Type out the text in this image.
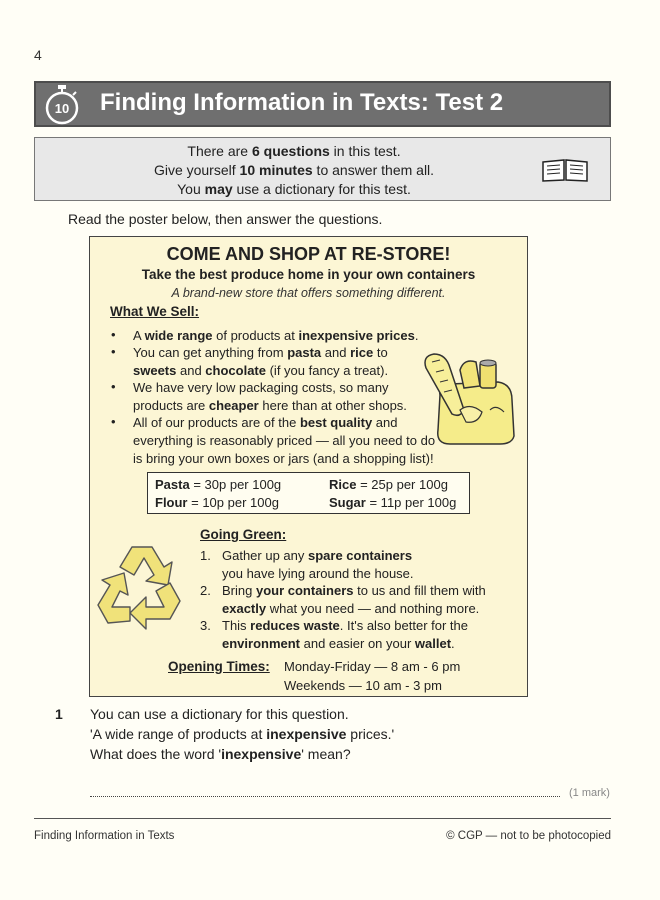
4
10 Finding Information in Texts: Test 2
There are 6 questions in this test.
Give yourself 10 minutes to answer them all.
You may use a dictionary for this test.
Read the poster below, then answer the questions.
COME AND SHOP AT RE-STORE!
Take the best produce home in your own containers
A brand-new store that offers something different.
What We Sell:
• A wide range of products at inexpensive prices.
• You can get anything from pasta and rice to
sweets and chocolate (if you fancy a treat).
• We have very low packaging costs, so many
products are cheaper here than at other shops.
• All of our products are of the best quality and
everything is reasonably priced — all you need to do
is bring your own boxes or jars (and a shopping list)!
Pasta = 30p per 100g	Rice = 25p per 100g
Flour = 10p per 100g	Sugar = 11p per 100g
Going Green:
1. Gather up any spare containers
you have lying around the house.
2. Bring your containers to us and fill them with
exactly what you need — and nothing more.
3. This reduces waste. It's also better for the
environment and easier on your wallet.
Opening Times: Monday-Friday — 8 am - 6 pm
Weekends — 10 am - 3 pm
1 You can use a dictionary for this question.
'A wide range of products at inexpensive prices.'
What does the word 'inexpensive' mean?
(1 mark)
Finding Information in Texts	© CGP — not to be photocopied
